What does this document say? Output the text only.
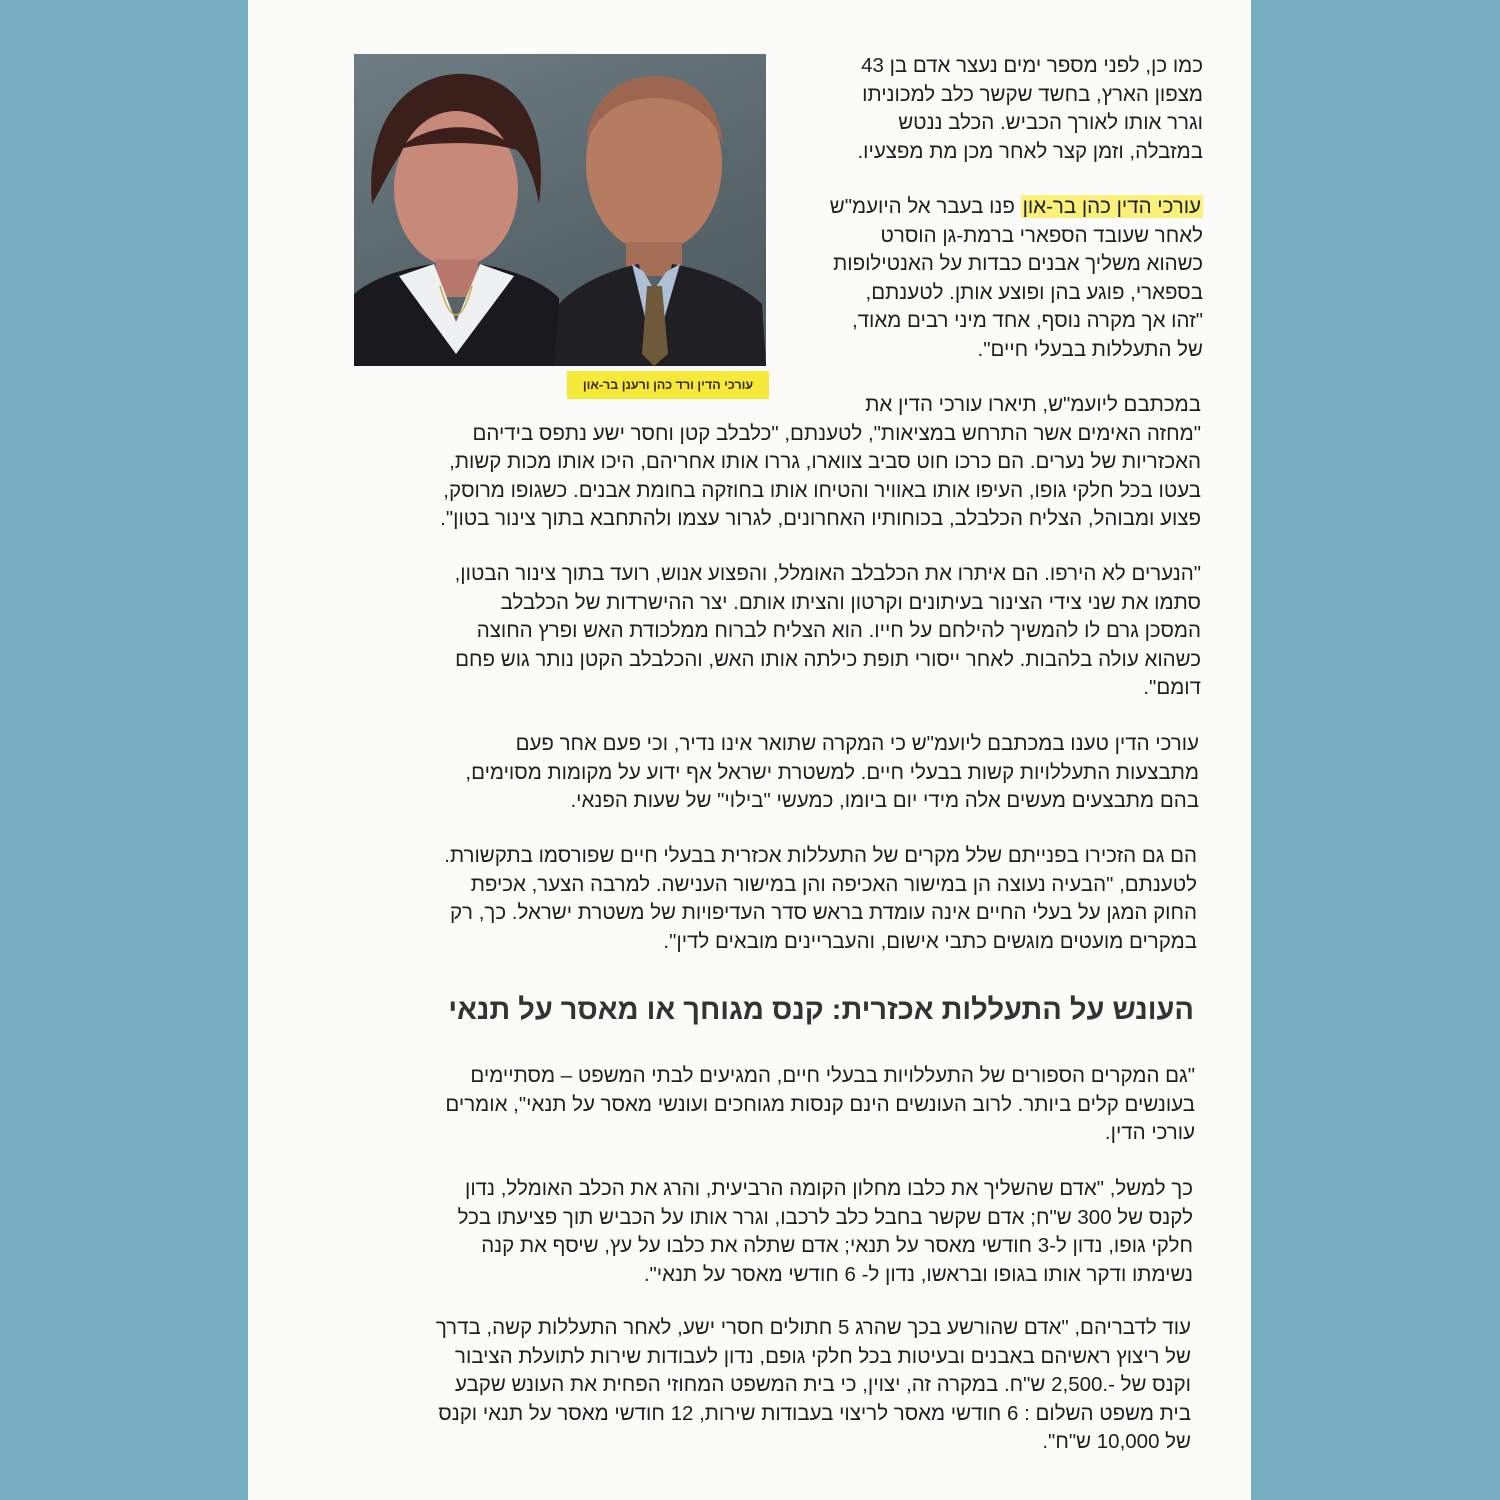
עורכי הדין ורד כהן ורענן בר-און

כמו כן, לפני מספר ימים נעצר אדם בן 43
מצפון הארץ, בחשד שקשר כלב למכוניתו
וגרר אותו לאורך הכביש. הכלב ננטש
במזבלה, וזמן קצר לאחר מכן מת מפצעיו.

עורכי הדין כהן בר-און פנו בעבר אל היועמ"ש
לאחר שעובד הספארי ברמת-גן הוסרט
כשהוא משליך אבנים כבדות על האנטילופות
בספארי, פוגע בהן ופוצע אותן. לטענתם,
"זהו אך מקרה נוסף, אחד מיני רבים מאוד,
של התעללות בבעלי חיים".

במכתבם ליועמ"ש, תיארו עורכי הדין את
"מחזה האימים אשר התרחש במציאות", לטענתם, "כלבלב קטן וחסר ישע נתפס בידיהם
האכזריות של נערים. הם כרכו חוט סביב צווארו, גררו אותו אחריהם, היכו אותו מכות קשות,
בעטו בכל חלקי גופו, העיפו אותו באוויר והטיחו אותו בחוזקה בחומת אבנים. כשגופו מרוסק,
פצוע ומבוהל, הצליח הכלבלב, בכוחותיו האחרונים, לגרור עצמו ולהתחבא בתוך צינור בטון".

"הנערים לא הירפו. הם איתרו את הכלבלב האומלל, והפצוע אנוש, רועד בתוך צינור הבטון,
סתמו את שני צידי הצינור בעיתונים וקרטון והציתו אותם. יצר ההישרדות של הכלבלב
המסכן גרם לו להמשיך להילחם על חייו. הוא הצליח לברוח ממלכודת האש ופרץ החוצה
כשהוא עולה בלהבות. לאחר ייסורי תופת כילתה אותו האש, והכלבלב הקטן נותר גוש פחם
דומם".

עורכי הדין טענו במכתבם ליועמ"ש כי המקרה שתואר אינו נדיר, וכי פעם אחר פעם
מתבצעות התעללויות קשות בבעלי חיים. למשטרת ישראל אף ידוע על מקומות מסוימים,
בהם מתבצעים מעשים אלה מידי יום ביומו, כמעשי "בילוי" של שעות הפנאי.

הם גם הזכירו בפנייתם שלל מקרים של התעללות אכזרית בבעלי חיים שפורסמו בתקשורת.
לטענתם, "הבעיה נעוצה הן במישור האכיפה והן במישור הענישה. למרבה הצער, אכיפת
החוק המגן על בעלי החיים אינה עומדת בראש סדר העדיפויות של משטרת ישראל. כך, רק
במקרים מועטים מוגשים כתבי אישום, והעבריינים מובאים לדין".

העונש על התעללות אכזרית: קנס מגוחך או מאסר על תנאי

"גם המקרים הספורים של התעללויות בבעלי חיים, המגיעים לבתי המשפט – מסתיימים
בעונשים קלים ביותר. לרוב העונשים הינם קנסות מגוחכים ועונשי מאסר על תנאי", אומרים
עורכי הדין.

כך למשל, "אדם שהשליך את כלבו מחלון הקומה הרביעית, והרג את הכלב האומלל, נדון
לקנס של 300 ש"ח; אדם שקשר בחבל כלב לרכבו, וגרר אותו על הכביש תוך פציעתו בכל
חלקי גופו, נדון ל-3 חודשי מאסר על תנאי; אדם שתלה את כלבו על עץ, שיסף את קנה
נשימתו ודקר אותו בגופו ובראשו, נדון ל- 6 חודשי מאסר על תנאי".

עוד לדבריהם, "אדם שהורשע בכך שהרג 5 חתולים חסרי ישע, לאחר התעללות קשה, בדרך
של ריצוץ ראשיהם באבנים ובעיטות בכל חלקי גופם, נדון לעבודות שירות לתועלת הציבור
וקנס של -.2,500 ש"ח. במקרה זה, יצוין, כי בית המשפט המחוזי הפחית את העונש שקבע
בית משפט השלום : 6 חודשי מאסר לריצוי בעבודות שירות, 12 חודשי מאסר על תנאי וקנס
של 10,000 ש"ח".
